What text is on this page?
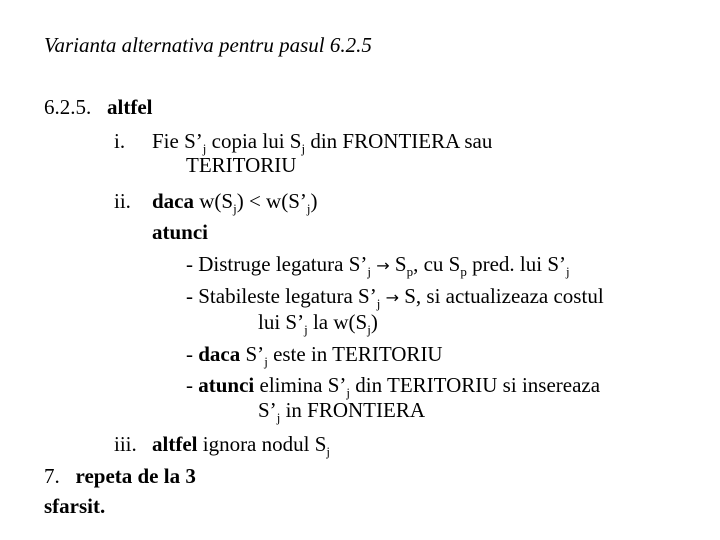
Varianta alternativa pentru pasul 6.2.5
6.2.5. altfel
i. Fie $S’_j$ copia lui $S_j$ din FRONTIERA sau
TERITORIU
ii. daca $w(S_j)$ < $w(S’_j)$
atunci
- Distruge legatura $S’_j \to S_p$, cu $S_p$ pred. lui $S’_j$
- Stabileste legatura $S’_j \to S$, si actualizeaza costul
lui $S’_j$ la $w(S_j)$
- daca $S’_j$ este in TERITORIU
- atunci elimina $S’_j$ din TERITORIU si insereaza
$S’_j$ in FRONTIERA
iii. altfel ignora nodul $S_j$
7. repeta de la 3
sfarsit.
